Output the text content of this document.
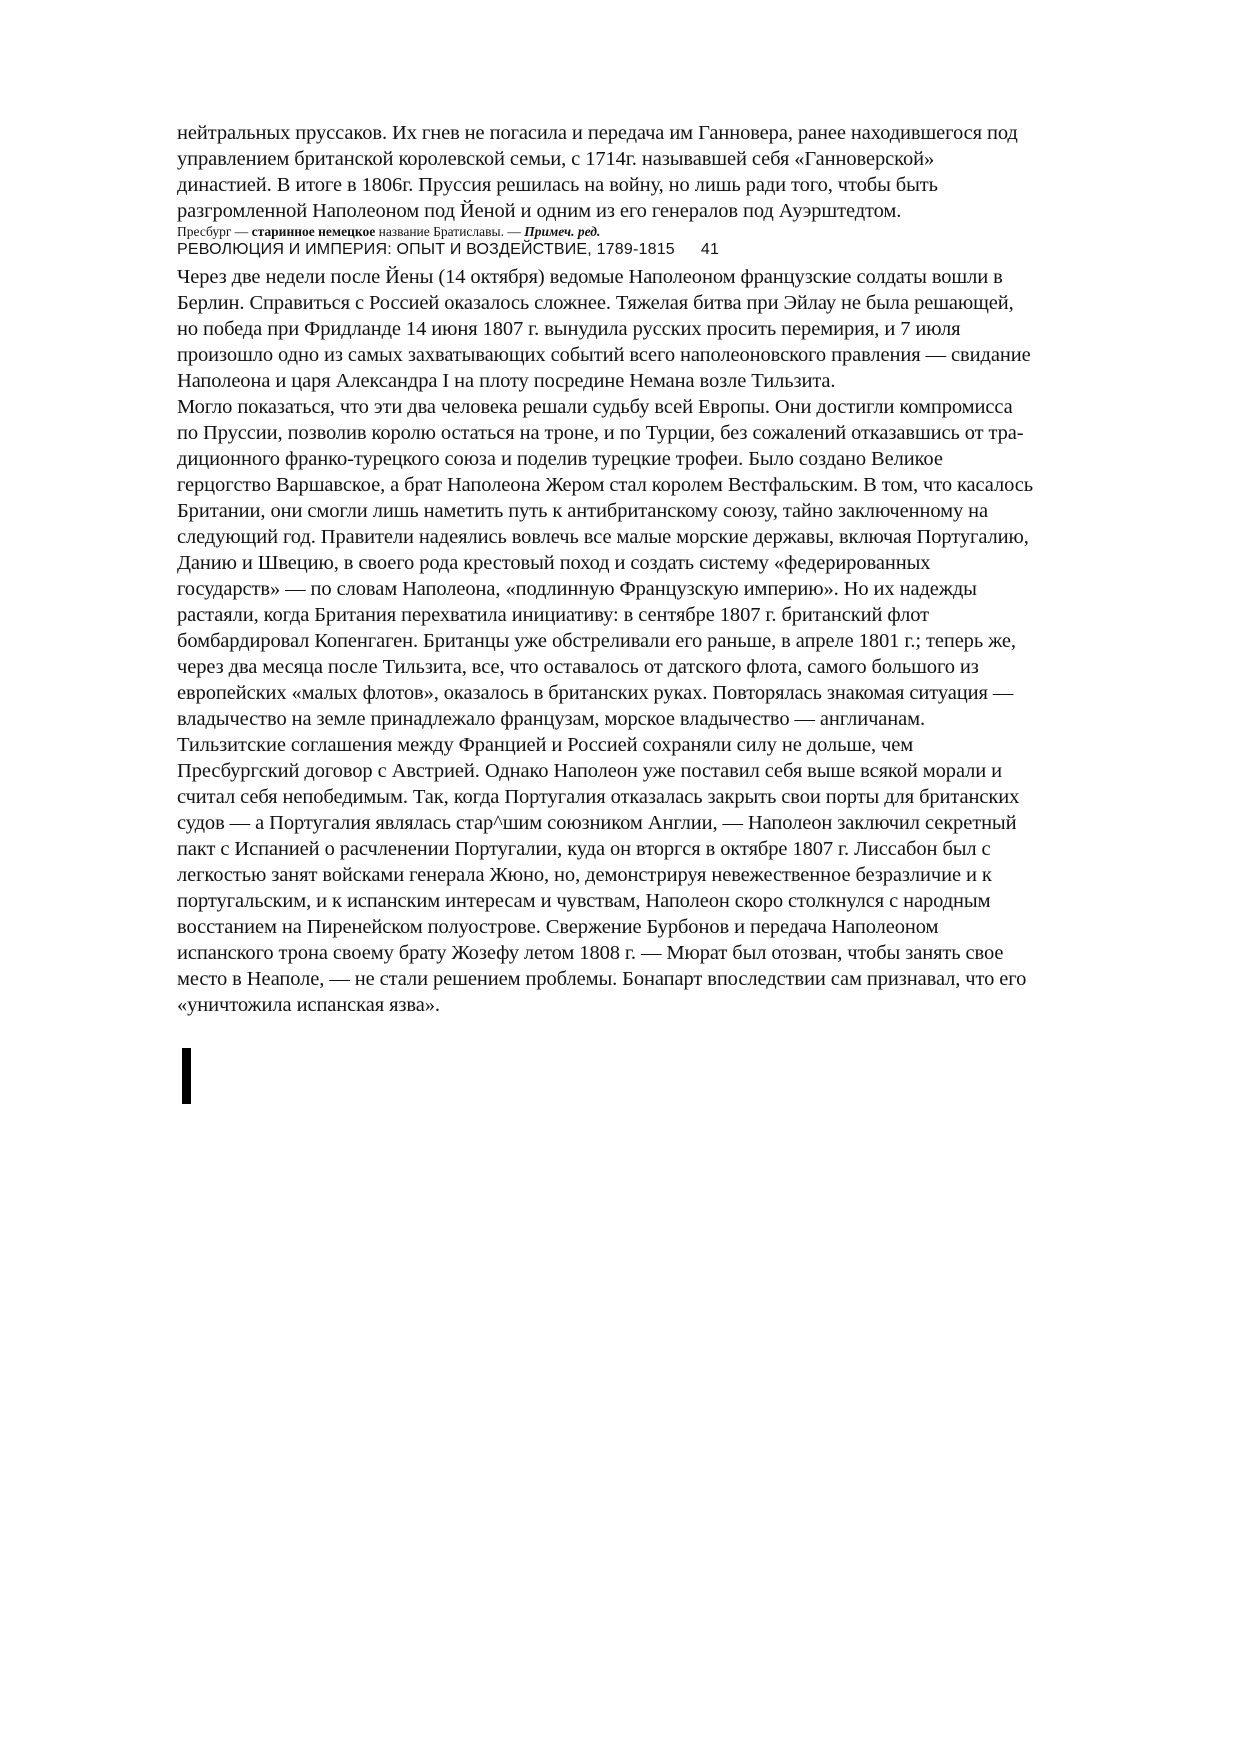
нейтральных пруссаков. Их гнев не погасила и передача им Ганновера, ранее находившегося под
управлением британской королевской семьи, с 1714г. называвшей себя «Ганноверской»
династией. В итоге в 1806г. Пруссия решилась на войну, но лишь ради того, чтобы быть
разгромленной Наполеоном под Йеной и одним из его генералов под Ауэрштедтом.

Пресбург — старинное немецкое название Братиславы. — Примеч. ред.

РЕВОЛЮЦИЯ И ИМПЕРИЯ: ОПЫТ И ВОЗДЕЙСТВИЕ, 1789-1815 41

Через две недели после Йены (14 октября) ведомые Наполеоном французские солдаты вошли в
Берлин. Справиться с Россией оказалось сложнее. Тяжелая битва при Эйлау не была решающей,
но победа при Фридланде 14 июня 1807 г. вынудила русских просить перемирия, и 7 июля
произошло одно из самых захватывающих событий всего наполеоновского правления — свидание
Наполеона и царя Александра I на плоту посредине Немана возле Тильзита.

Могло показаться, что эти два человека решали судьбу всей Европы. Они достигли компромисса
по Пруссии, позволив королю остаться на троне, и по Турции, без сожалений отказавшись от тра-
диционного франко-турецкого союза и поделив турецкие трофеи. Было создано Великое
герцогство Варшавское, а брат Наполеона Жером стал королем Вестфальским. В том, что касалось
Британии, они смогли лишь наметить путь к антибританскому союзу, тайно заключенному на
следующий год. Правители надеялись вовлечь все малые морские державы, включая Португалию,
Данию и Швецию, в своего рода крестовый поход и создать систему «федерированных
государств» — по словам Наполеона, «подлинную Французскую империю». Но их надежды
растаяли, когда Британия перехватила инициативу: в сентябре 1807 г. британский флот
бомбардировал Копенгаген. Британцы уже обстреливали его раньше, в апреле 1801 г.; теперь же,
через два месяца после Тильзита, все, что оставалось от датского флота, самого большого из
европейских «малых флотов», оказалось в британских руках. Повторялась знакомая ситуация —
владычество на земле принадлежало французам, морское владычество — англичанам.

Тильзитские соглашения между Францией и Россией сохраняли силу не дольше, чем
Пресбургский договор с Австрией. Однако Наполеон уже поставил себя выше всякой морали и
считал себя непобедимым. Так, когда Португалия отказалась закрыть свои порты для британских
судов — а Португалия являлась стар^шим союзником Англии, — Наполеон заключил секретный
пакт с Испанией о расчленении Португалии, куда он вторгся в октябре 1807 г. Лиссабон был с
легкостью занят войсками генерала Жюно, но, демонстрируя невежественное безразличие и к
португальским, и к испанским интересам и чувствам, Наполеон скоро столкнулся с народным
восстанием на Пиренейском полуострове. Свержение Бурбонов и передача Наполеоном
испанского трона своему брату Жозефу летом 1808 г. — Мюрат был отозван, чтобы занять свое
место в Неаполе, — не стали решением проблемы. Бонапарт впоследствии сам признавал, что его
«уничтожила испанская язва».
